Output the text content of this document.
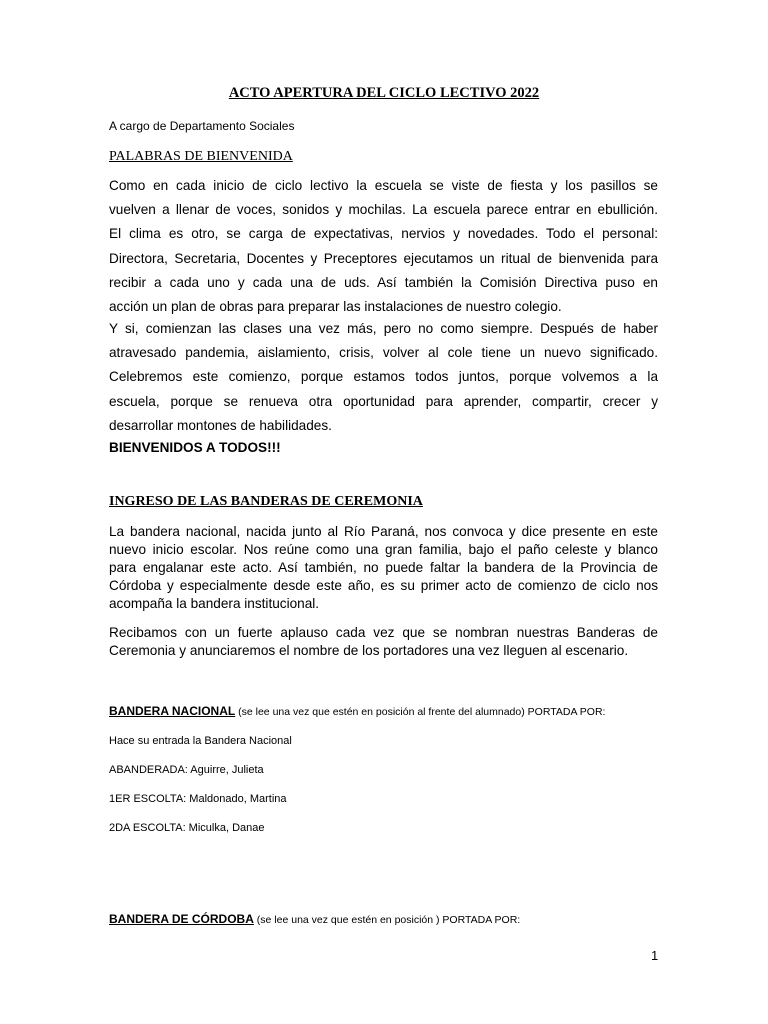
ACTO APERTURA DEL CICLO LECTIVO 2022
A cargo de Departamento Sociales
PALABRAS DE BIENVENIDA
Como en cada inicio de ciclo lectivo la escuela se viste de fiesta y los pasillos se
vuelven a llenar de voces, sonidos y mochilas. La escuela parece entrar en ebullición.
El clima es otro, se carga de expectativas, nervios y novedades. Todo el personal:
Directora, Secretaria, Docentes y Preceptores ejecutamos un ritual de bienvenida para
recibir a cada uno y cada una de uds. Así también la Comisión Directiva puso en
acción un plan de obras para preparar las instalaciones de nuestro colegio.
Y si, comienzan las clases una vez más, pero no como siempre. Después de haber
atravesado pandemia, aislamiento, crisis, volver al cole tiene un nuevo significado.
Celebremos este comienzo, porque estamos todos juntos, porque volvemos a la
escuela, porque se renueva otra oportunidad para aprender, compartir, crecer y
desarrollar montones de habilidades.
BIENVENIDOS A TODOS!!!
INGRESO DE LAS BANDERAS DE CEREMONIA
La bandera nacional, nacida junto al Río Paraná, nos convoca y dice presente en este
nuevo inicio escolar. Nos reúne como una gran familia, bajo el paño celeste y blanco
para engalanar este acto. Así también, no puede faltar la bandera de la Provincia de
Córdoba y especialmente desde este año, es su primer acto de comienzo de ciclo nos
acompaña la bandera institucional.
Recibamos con un fuerte aplauso cada vez que se nombran nuestras Banderas de
Ceremonia y anunciaremos el nombre de los portadores una vez lleguen al escenario.
BANDERA NACIONAL (se lee una vez que estén en posición al frente del alumnado) PORTADA POR:
Hace su entrada la Bandera Nacional
ABANDERADA: Aguirre, Julieta
1ER ESCOLTA: Maldonado, Martina
2DA ESCOLTA: Miculka, Danae
BANDERA DE CÓRDOBA (se lee una vez que estén en posición ) PORTADA POR:
1
